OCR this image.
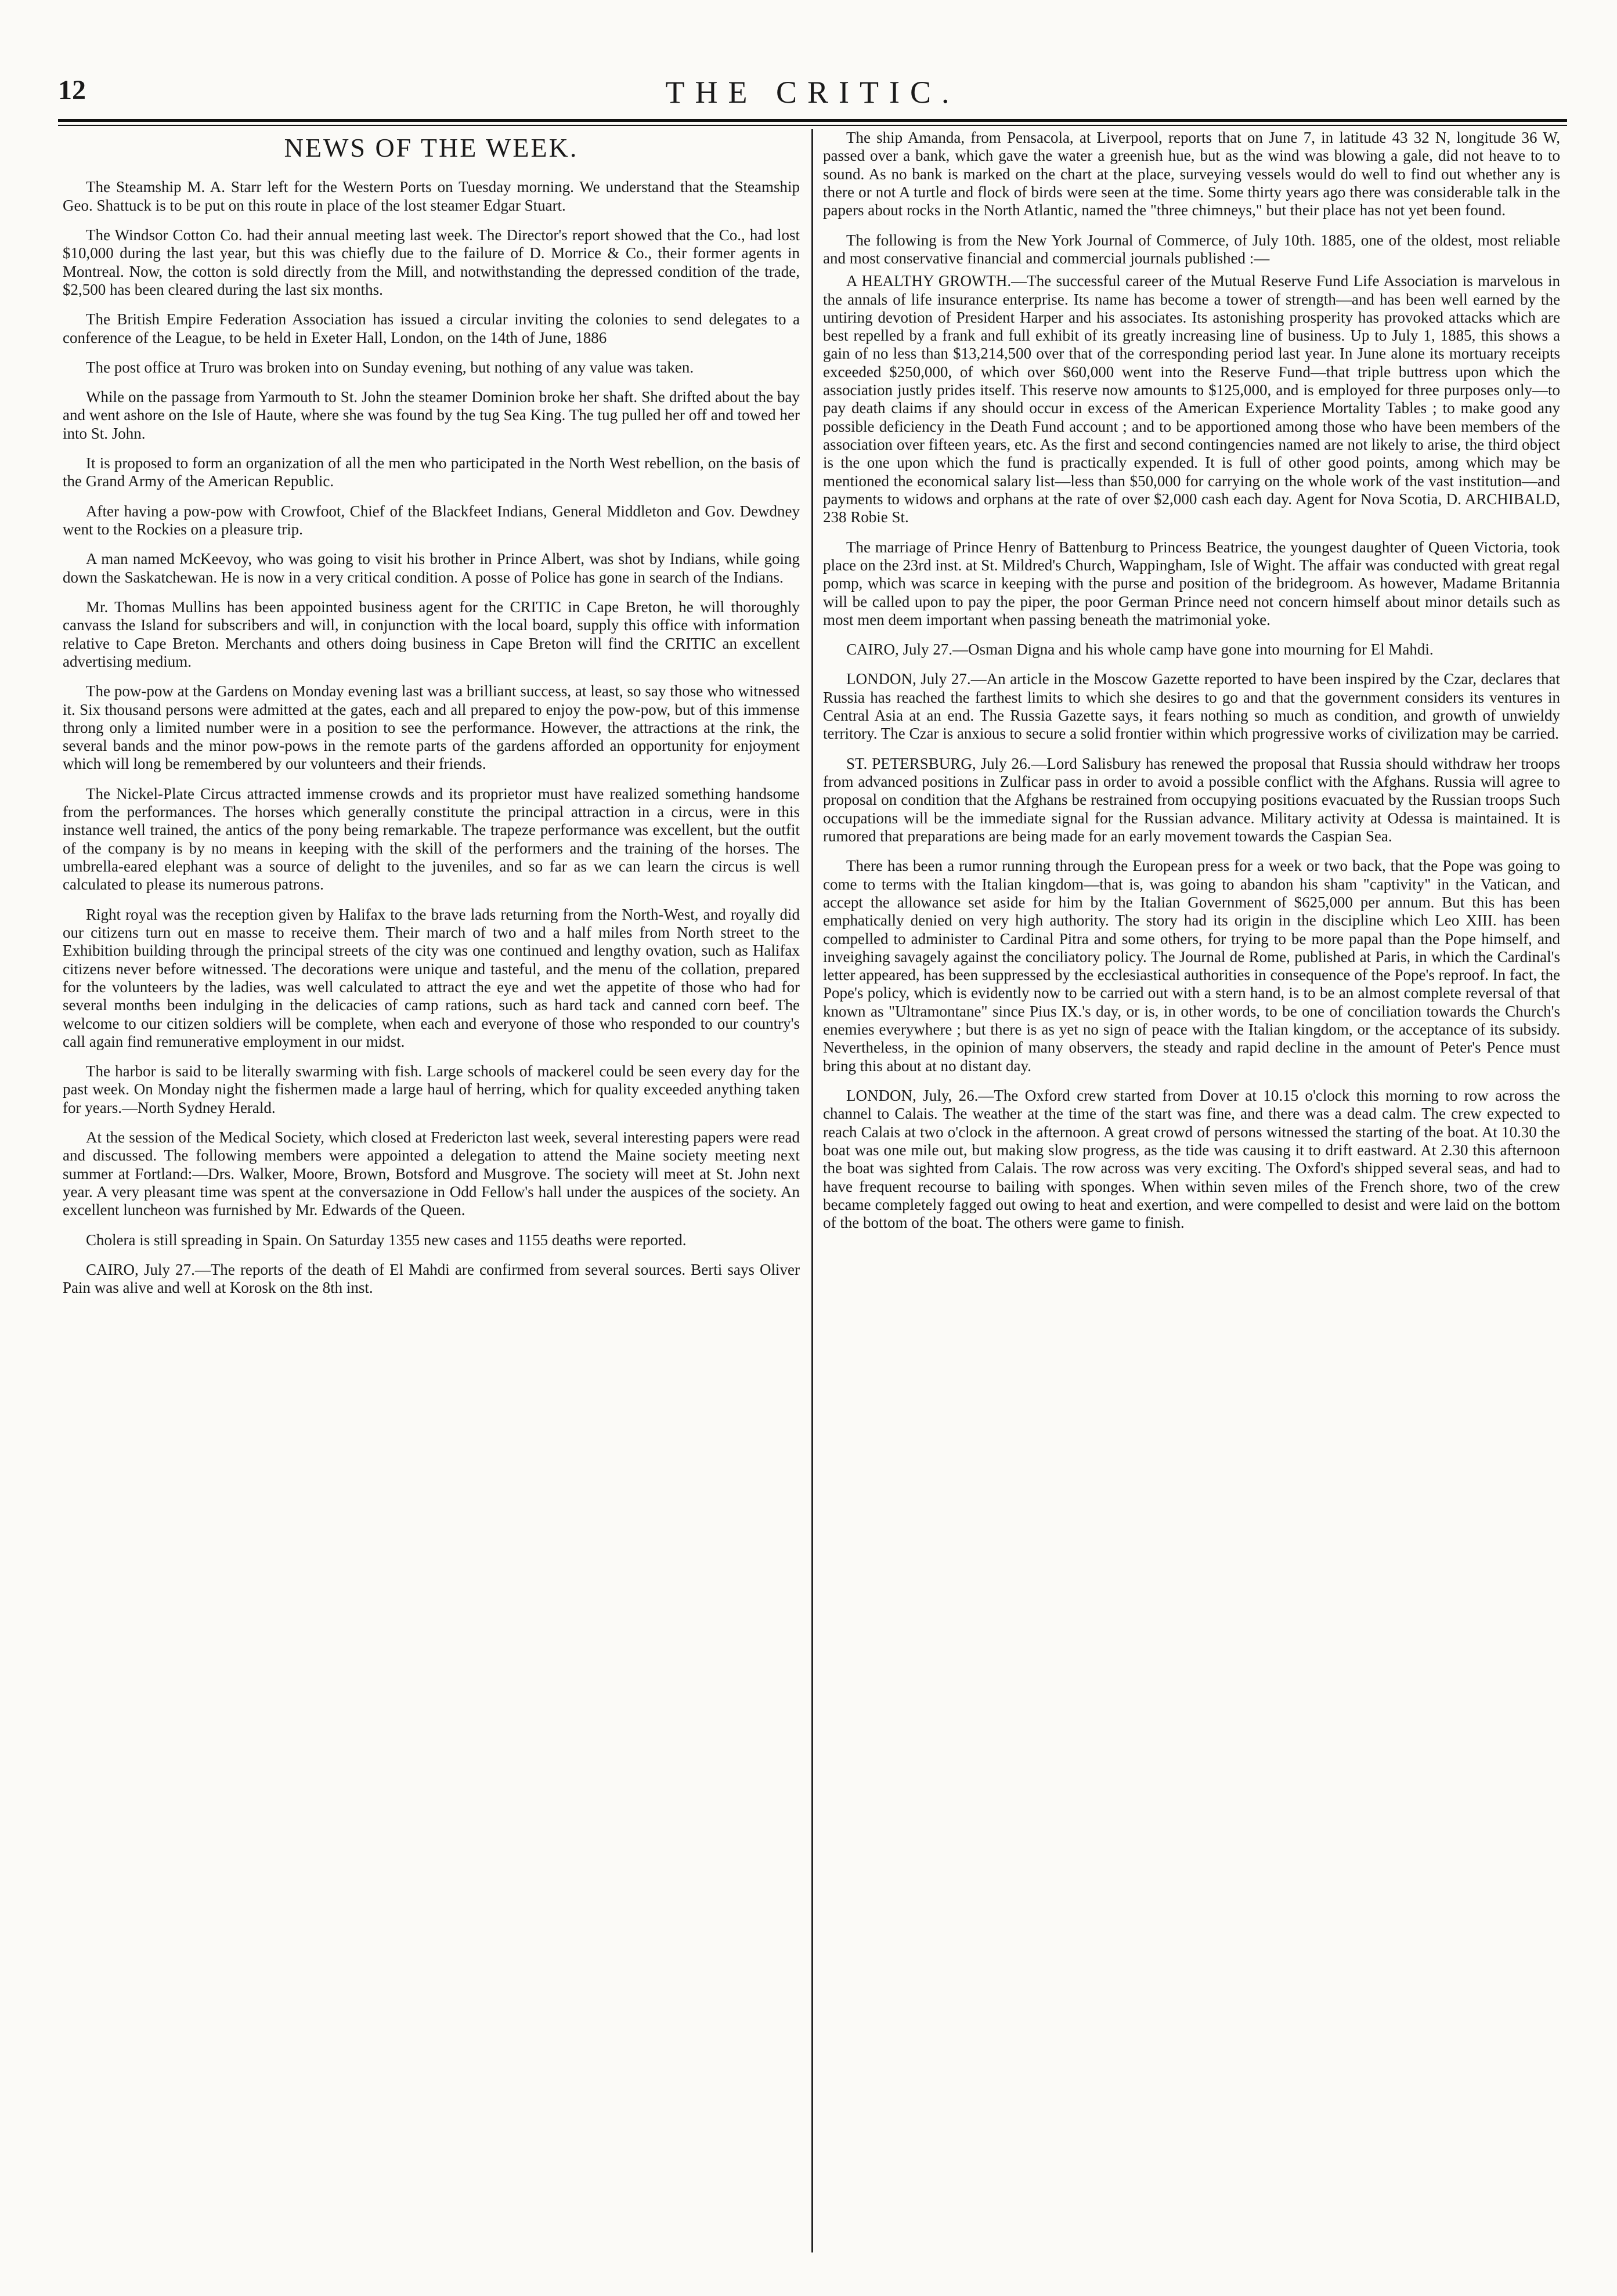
12	THE CRITIC.
NEWS OF THE WEEK.

The Steamship M. A. Starr left for the Western Ports on Tuesday morning. We understand that the Steamship Geo. Shattuck is to be put on this route in place of the lost steamer Edgar Stuart.

The Windsor Cotton Co. had their annual meeting last week. The Director's report showed that the Co., had lost $10,000 during the last year, but this was chiefly due to the failure of D. Morrice & Co., their former agents in Montreal. Now, the cotton is sold directly from the Mill, and notwithstanding the depressed condition of the trade, $2,500 has been cleared during the last six months.

The British Empire Federation Association has issued a circular inviting the colonies to send delegates to a conference of the League, to be held in Exeter Hall, London, on the 14th of June, 1886

The post office at Truro was broken into on Sunday evening, but nothing of any value was taken.

While on the passage from Yarmouth to St. John the steamer Dominion broke her shaft. She drifted about the bay and went ashore on the Isle of Haute, where she was found by the tug Sea King. The tug pulled her off and towed her into St. John.

It is proposed to form an organization of all the men who participated in the North West rebellion, on the basis of the Grand Army of the American Republic.

After having a pow-pow with Crowfoot, Chief of the Blackfeet Indians, General Middleton and Gov. Dewdney went to the Rockies on a pleasure trip.

A man named McKeevoy, who was going to visit his brother in Prince Albert, was shot by Indians, while going down the Saskatchewan. He is now in a very critical condition. A posse of Police has gone in search of the Indians.

Mr. Thomas Mullins has been appointed business agent for the CRITIC in Cape Breton, he will thoroughly canvass the Island for subscribers and will, in conjunction with the local board, supply this office with information relative to Cape Breton. Merchants and others doing business in Cape Breton will find the CRITIC an excellent advertising medium.

The pow-pow at the Gardens on Monday evening last was a brilliant success, at least, so say those who witnessed it. Six thousand persons were admitted at the gates, each and all prepared to enjoy the pow-pow, but of this immense throng only a limited number were in a position to see the performance. However, the attractions at the rink, the several bands and the minor pow-pows in the remote parts of the gardens afforded an opportunity for enjoyment which will long be remembered by our volunteers and their friends.

The Nickel-Plate Circus attracted immense crowds and its proprietor must have realized something handsome from the performances. The horses which generally constitute the principal attraction in a circus, were in this instance well trained, the antics of the pony being remarkable. The trapeze performance was excellent, but the outfit of the company is by no means in keeping with the skill of the performers and the training of the horses. The umbrella-eared elephant was a source of delight to the juveniles, and so far as we can learn the circus is well calculated to please its numerous patrons.

Right royal was the reception given by Halifax to the brave lads returning from the North-West, and royally did our citizens turn out en masse to receive them. Their march of two and a half miles from North street to the Exhibition building through the principal streets of the city was one continued and lengthy ovation, such as Halifax citizens never before witnessed. The decorations were unique and tasteful, and the menu of the collation, prepared for the volunteers by the ladies, was well calculated to attract the eye and wet the appetite of those who had for several months been indulging in the delicacies of camp rations, such as hard tack and canned corn beef. The welcome to our citizen soldiers will be complete, when each and everyone of those who responded to our country's call again find remunerative employment in our midst.

The harbor is said to be literally swarming with fish. Large schools of mackerel could be seen every day for the past week. On Monday night the fishermen made a large haul of herring, which for quality exceeded anything taken for years.—North Sydney Herald.

At the session of the Medical Society, which closed at Fredericton last week, several interesting papers were read and discussed. The following members were appointed a delegation to attend the Maine society meeting next summer at Fortland:—Drs. Walker, Moore, Brown, Botsford and Musgrove. The society will meet at St. John next year. A very pleasant time was spent at the conversazione in Odd Fellow's hall under the auspices of the society. An excellent luncheon was furnished by Mr. Edwards of the Queen.

Cholera is still spreading in Spain. On Saturday 1355 new cases and 1155 deaths were reported.

CAIRO, July 27.—The reports of the death of El Mahdi are confirmed from several sources. Berti says Oliver Pain was alive and well at Korosk on the 8th inst.

The ship Amanda, from Pensacola, at Liverpool, reports that on June 7, in latitude 43 32 N, longitude 36 W, passed over a bank, which gave the water a greenish hue, but as the wind was blowing a gale, did not heave to to sound. As no bank is marked on the chart at the place, surveying vessels would do well to find out whether any is there or not A turtle and flock of birds were seen at the time. Some thirty years ago there was considerable talk in the papers about rocks in the North Atlantic, named the "three chimneys," but their place has not yet been found.

The following is from the New York Journal of Commerce, of July 10th. 1885, one of the oldest, most reliable and most conservative financial and commercial journals published :—

A HEALTHY GROWTH.—The successful career of the Mutual Reserve Fund Life Association is marvelous in the annals of life insurance enterprise. Its name has become a tower of strength—and has been well earned by the untiring devotion of President Harper and his associates. Its astonishing prosperity has provoked attacks which are best repelled by a frank and full exhibit of its greatly increasing line of business. Up to July 1, 1885, this shows a gain of no less than $13,214,500 over that of the corresponding period last year. In June alone its mortuary receipts exceeded $250,000, of which over $60,000 went into the Reserve Fund—that triple buttress upon which the association justly prides itself. This reserve now amounts to $125,000, and is employed for three purposes only—to pay death claims if any should occur in excess of the American Experience Mortality Tables ; to make good any possible deficiency in the Death Fund account ; and to be apportioned among those who have been members of the association over fifteen years, etc. As the first and second contingencies named are not likely to arise, the third object is the one upon which the fund is practically expended. It is full of other good points, among which may be mentioned the economical salary list—less than $50,000 for carrying on the whole work of the vast institution—and payments to widows and orphans at the rate of over $2,000 cash each day. Agent for Nova Scotia, D. ARCHIBALD, 238 Robie St.

The marriage of Prince Henry of Battenburg to Princess Beatrice, the youngest daughter of Queen Victoria, took place on the 23rd inst. at St. Mildred's Church, Wappingham, Isle of Wight. The affair was conducted with great regal pomp, which was scarce in keeping with the purse and position of the bridegroom. As however, Madame Britannia will be called upon to pay the piper, the poor German Prince need not concern himself about minor details such as most men deem important when passing beneath the matrimonial yoke.

CAIRO, July 27.—Osman Digna and his whole camp have gone into mourning for El Mahdi.

LONDON, July 27.—An article in the Moscow Gazette reported to have been inspired by the Czar, declares that Russia has reached the farthest limits to which she desires to go and that the government considers its ventures in Central Asia at an end. The Russia Gazette says, it fears nothing so much as condition, and growth of unwieldy territory. The Czar is anxious to secure a solid frontier within which progressive works of civilization may be carried.

ST. PETERSBURG, July 26.—Lord Salisbury has renewed the proposal that Russia should withdraw her troops from advanced positions in Zulficar pass in order to avoid a possible conflict with the Afghans. Russia will agree to proposal on condition that the Afghans be restrained from occupying positions evacuated by the Russian troops Such occupations will be the immediate signal for the Russian advance. Military activity at Odessa is maintained. It is rumored that preparations are being made for an early movement towards the Caspian Sea.

There has been a rumor running through the European press for a week or two back, that the Pope was going to come to terms with the Italian kingdom—that is, was going to abandon his sham "captivity" in the Vatican, and accept the allowance set aside for him by the Italian Government of $625,000 per annum. But this has been emphatically denied on very high authority. The story had its origin in the discipline which Leo XIII. has been compelled to administer to Cardinal Pitra and some others, for trying to be more papal than the Pope himself, and inveighing savagely against the conciliatory policy. The Journal de Rome, published at Paris, in which the Cardinal's letter appeared, has been suppressed by the ecclesiastical authorities in consequence of the Pope's reproof. In fact, the Pope's policy, which is evidently now to be carried out with a stern hand, is to be an almost complete reversal of that known as "Ultramontane" since Pius IX.'s day, or is, in other words, to be one of conciliation towards the Church's enemies everywhere ; but there is as yet no sign of peace with the Italian kingdom, or the acceptance of its subsidy. Nevertheless, in the opinion of many observers, the steady and rapid decline in the amount of Peter's Pence must bring this about at no distant day.

LONDON, July, 26.—The Oxford crew started from Dover at 10.15 o'clock this morning to row across the channel to Calais. The weather at the time of the start was fine, and there was a dead calm. The crew expected to reach Calais at two o'clock in the afternoon. A great crowd of persons witnessed the starting of the boat. At 10.30 the boat was one mile out, but making slow progress, as the tide was causing it to drift eastward. At 2.30 this afternoon the boat was sighted from Calais. The row across was very exciting. The Oxford's shipped several seas, and had to have frequent recourse to bailing with sponges. When within seven miles of the French shore, two of the crew became completely fagged out owing to heat and exertion, and were compelled to desist and were laid on the bottom of the bottom of the boat. The others were game to finish.
